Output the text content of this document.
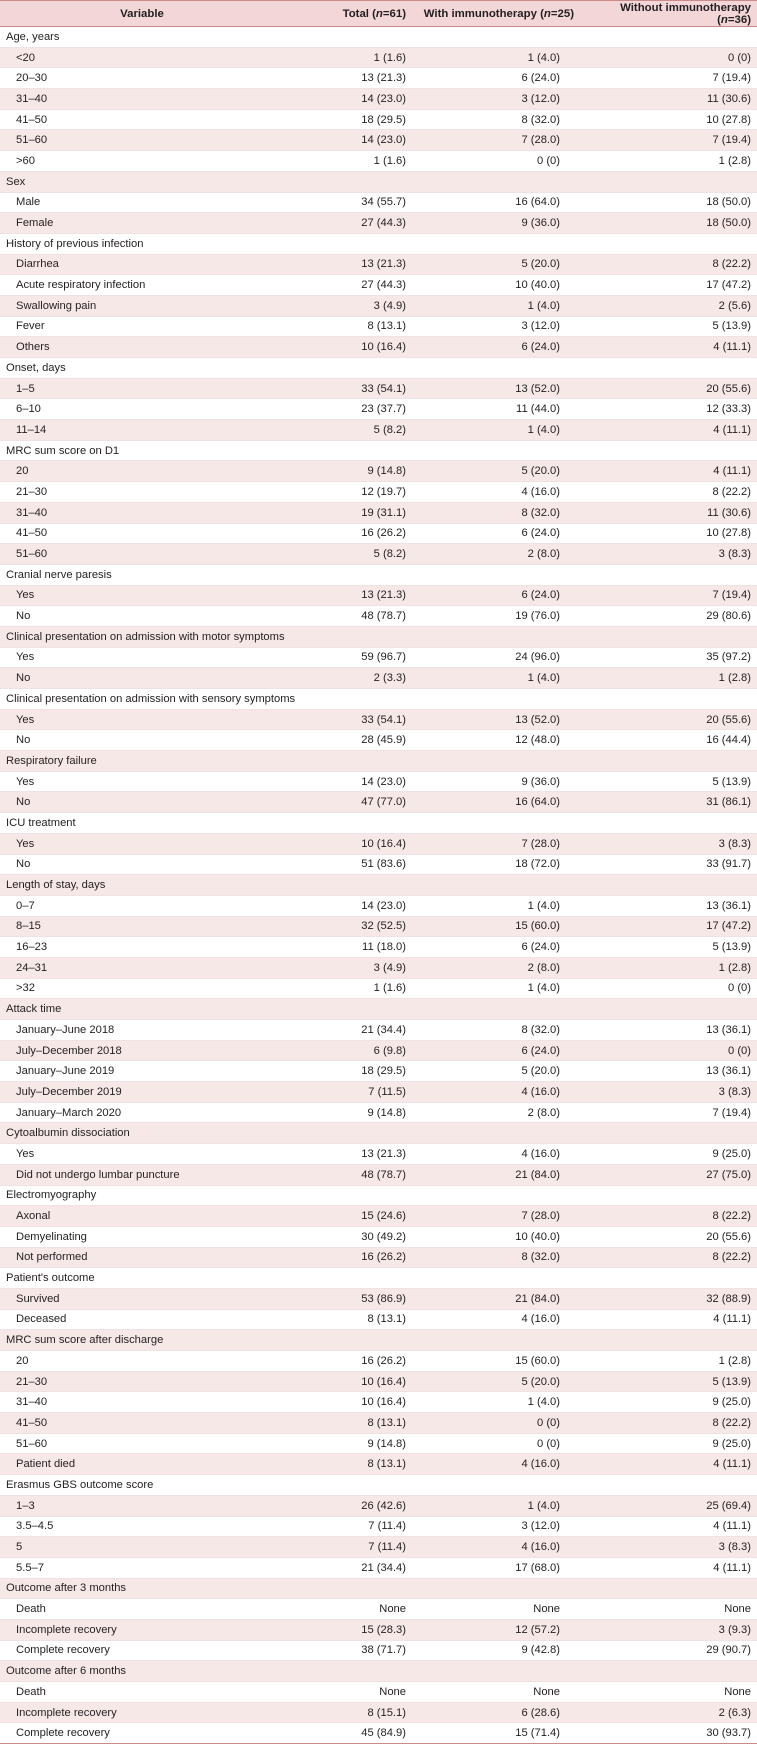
Variable	Total (n=61)	With immunotherapy (n=25)	Without immunotherapy (n=36)
Age, years			
<20	1 (1.6)	1 (4.0)	0 (0)
20–30	13 (21.3)	6 (24.0)	7 (19.4)
31–40	14 (23.0)	3 (12.0)	11 (30.6)
41–50	18 (29.5)	8 (32.0)	10 (27.8)
51–60	14 (23.0)	7 (28.0)	7 (19.4)
>60	1 (1.6)	0 (0)	1 (2.8)
Sex			
Male	34 (55.7)	16 (64.0)	18 (50.0)
Female	27 (44.3)	9 (36.0)	18 (50.0)
History of previous infection			
Diarrhea	13 (21.3)	5 (20.0)	8 (22.2)
Acute respiratory infection	27 (44.3)	10 (40.0)	17 (47.2)
Swallowing pain	3 (4.9)	1 (4.0)	2 (5.6)
Fever	8 (13.1)	3 (12.0)	5 (13.9)
Others	10 (16.4)	6 (24.0)	4 (11.1)
Onset, days			
1–5	33 (54.1)	13 (52.0)	20 (55.6)
6–10	23 (37.7)	11 (44.0)	12 (33.3)
11–14	5 (8.2)	1 (4.0)	4 (11.1)
MRC sum score on D1			
20	9 (14.8)	5 (20.0)	4 (11.1)
21–30	12 (19.7)	4 (16.0)	8 (22.2)
31–40	19 (31.1)	8 (32.0)	11 (30.6)
41–50	16 (26.2)	6 (24.0)	10 (27.8)
51–60	5 (8.2)	2 (8.0)	3 (8.3)
Cranial nerve paresis			
Yes	13 (21.3)	6 (24.0)	7 (19.4)
No	48 (78.7)	19 (76.0)	29 (80.6)
Clinical presentation on admission with motor symptoms			
Yes	59 (96.7)	24 (96.0)	35 (97.2)
No	2 (3.3)	1 (4.0)	1 (2.8)
Clinical presentation on admission with sensory symptoms			
Yes	33 (54.1)	13 (52.0)	20 (55.6)
No	28 (45.9)	12 (48.0)	16 (44.4)
Respiratory failure			
Yes	14 (23.0)	9 (36.0)	5 (13.9)
No	47 (77.0)	16 (64.0)	31 (86.1)
ICU treatment			
Yes	10 (16.4)	7 (28.0)	3 (8.3)
No	51 (83.6)	18 (72.0)	33 (91.7)
Length of stay, days			
0–7	14 (23.0)	1 (4.0)	13 (36.1)
8–15	32 (52.5)	15 (60.0)	17 (47.2)
16–23	11 (18.0)	6 (24.0)	5 (13.9)
24–31	3 (4.9)	2 (8.0)	1 (2.8)
>32	1 (1.6)	1 (4.0)	0 (0)
Attack time			
January–June 2018	21 (34.4)	8 (32.0)	13 (36.1)
July–December 2018	6 (9.8)	6 (24.0)	0 (0)
January–June 2019	18 (29.5)	5 (20.0)	13 (36.1)
July–December 2019	7 (11.5)	4 (16.0)	3 (8.3)
January–March 2020	9 (14.8)	2 (8.0)	7 (19.4)
Cytoalbumin dissociation			
Yes	13 (21.3)	4 (16.0)	9 (25.0)
Did not undergo lumbar puncture	48 (78.7)	21 (84.0)	27 (75.0)
Electromyography			
Axonal	15 (24.6)	7 (28.0)	8 (22.2)
Demyelinating	30 (49.2)	10 (40.0)	20 (55.6)
Not performed	16 (26.2)	8 (32.0)	8 (22.2)
Patient's outcome			
Survived	53 (86.9)	21 (84.0)	32 (88.9)
Deceased	8 (13.1)	4 (16.0)	4 (11.1)
MRC sum score after discharge			
20	16 (26.2)	15 (60.0)	1 (2.8)
21–30	10 (16.4)	5 (20.0)	5 (13.9)
31–40	10 (16.4)	1 (4.0)	9 (25.0)
41–50	8 (13.1)	0 (0)	8 (22.2)
51–60	9 (14.8)	0 (0)	9 (25.0)
Patient died	8 (13.1)	4 (16.0)	4 (11.1)
Erasmus GBS outcome score			
1–3	26 (42.6)	1 (4.0)	25 (69.4)
3.5–4.5	7 (11.4)	3 (12.0)	4 (11.1)
5	7 (11.4)	4 (16.0)	3 (8.3)
5.5–7	21 (34.4)	17 (68.0)	4 (11.1)
Outcome after 3 months			
Death	None	None	None
Incomplete recovery	15 (28.3)	12 (57.2)	3 (9.3)
Complete recovery	38 (71.7)	9 (42.8)	29 (90.7)
Outcome after 6 months			
Death	None	None	None
Incomplete recovery	8 (15.1)	6 (28.6)	2 (6.3)
Complete recovery	45 (84.9)	15 (71.4)	30 (93.7)
